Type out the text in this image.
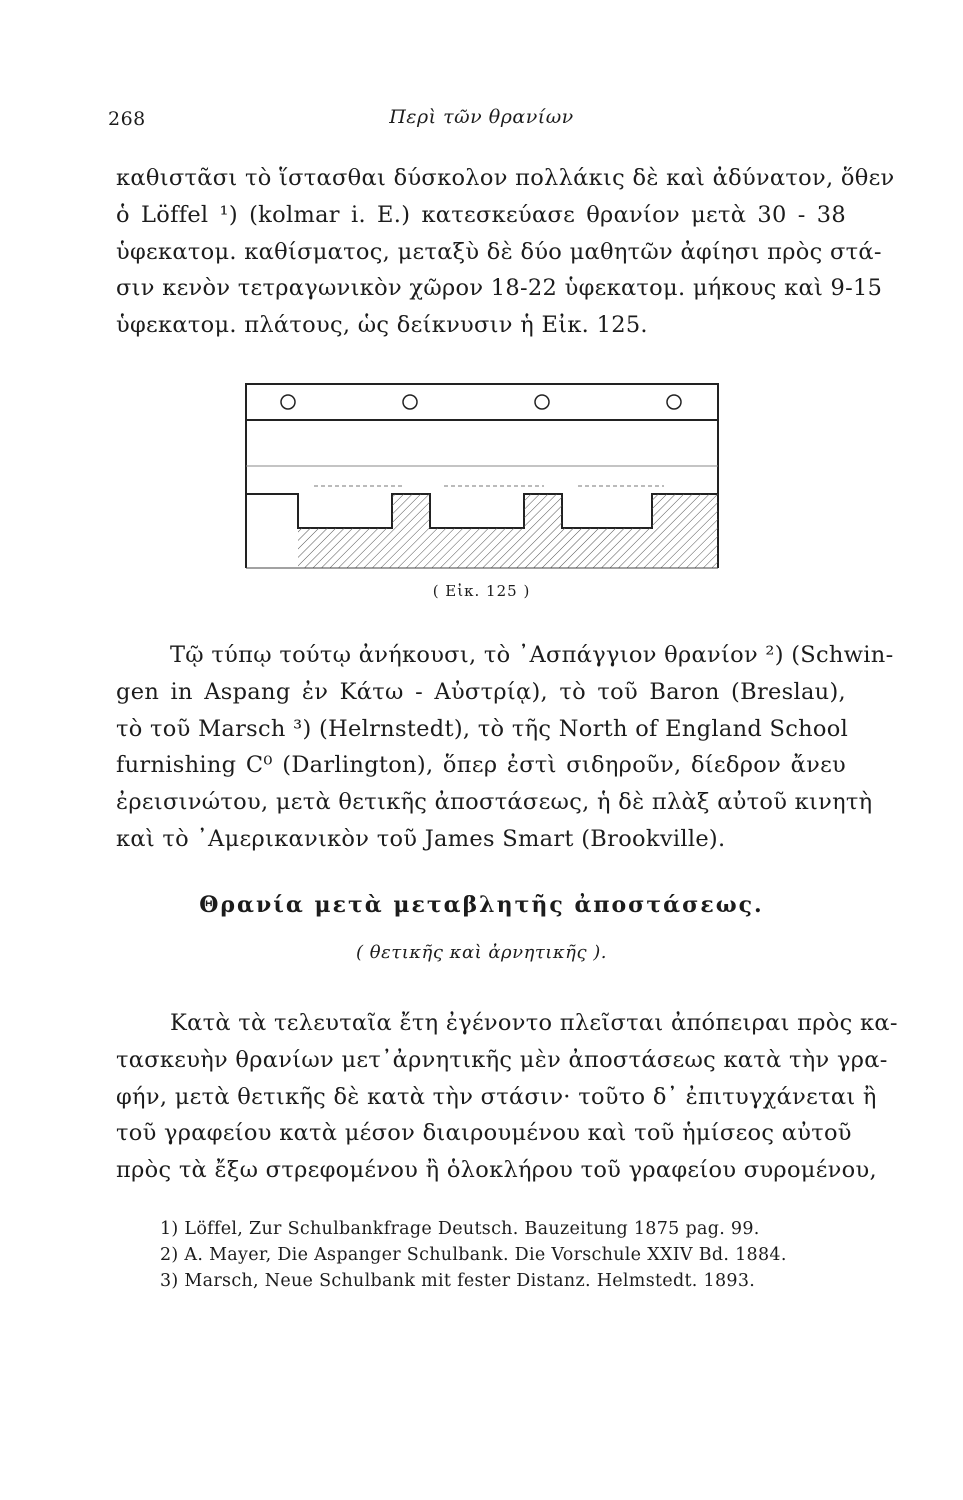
268	Περὶ τῶν θρανίων
καθιστᾶσι τὸ ἵστασθαι δύσκολον πολλάκις δὲ καὶ ἀδύνατον, ὅθεν
ὁ Löffel ¹) (kolmar i. E.) κατεσκεύασε θρανίον μετὰ 30 - 38
ὑφεκατομ. καθίσματος, μεταξὺ δὲ δύο μαθητῶν ἀφίησι πρὸς στά-
σιν κενὸν τετραγωνικὸν χῶρον 18-22 ὑφεκατομ. μήκους καὶ 9-15
ὑφεκατομ. πλάτους, ὡς δείκνυσιν ἡ Εἰκ. 125.
( Εἰκ. 125 )
Τῷ τύπῳ τούτῳ ἀνήκουσι, τὸ ᾿Ασπάγγιον θρανίον ²) (Schwin-
gen in Aspang ἐν Κάτω - Αὐστρίᾳ), τὸ τοῦ Baron (Breslau),
τὸ τοῦ Marsch ³) (Helrnstedt), τὸ τῆς North of England School
furnishing C⁰ (Darlington), ὅπερ ἐστὶ σιδηροῦν, δίεδρον ἄνευ
ἐρεισινώτου, μετὰ θετικῆς ἀποστάσεως, ἡ δὲ πλὰξ αὐτοῦ κινητὴ
καὶ τὸ ᾿Αμερικανικὸν τοῦ James Smart (Brookville).
Θρανία μετὰ μεταβλητῆς ἀποστάσεως.
( θετικῆς καὶ ἀρνητικῆς ).
Κατὰ τὰ τελευταῖα ἔτη ἐγένοντο πλεῖσται ἀπόπειραι πρὸς κα-
τασκευὴν θρανίων μετ᾿ἀρνητικῆς μὲν ἀποστάσεως κατὰ τὴν γρα-
φήν, μετὰ θετικῆς δὲ κατὰ τὴν στάσιν· τοῦτο δ᾿ ἐπιτυγχάνεται ἢ
τοῦ γραφείου κατὰ μέσον διαιρουμένου καὶ τοῦ ἡμίσεος αὐτοῦ
πρὸς τὰ ἔξω στρεφομένου ἢ ὁλοκλήρου τοῦ γραφείου συρομένου,
1) Löffel, Zur Schulbankfrage Deutsch. Bauzeitung 1875 pag. 99.
2) A. Mayer, Die Aspanger Schulbank. Die Vorschule XXIV Bd. 1884.
3) Marsch, Neue Schulbank mit fester Distanz. Helmstedt. 1893.
